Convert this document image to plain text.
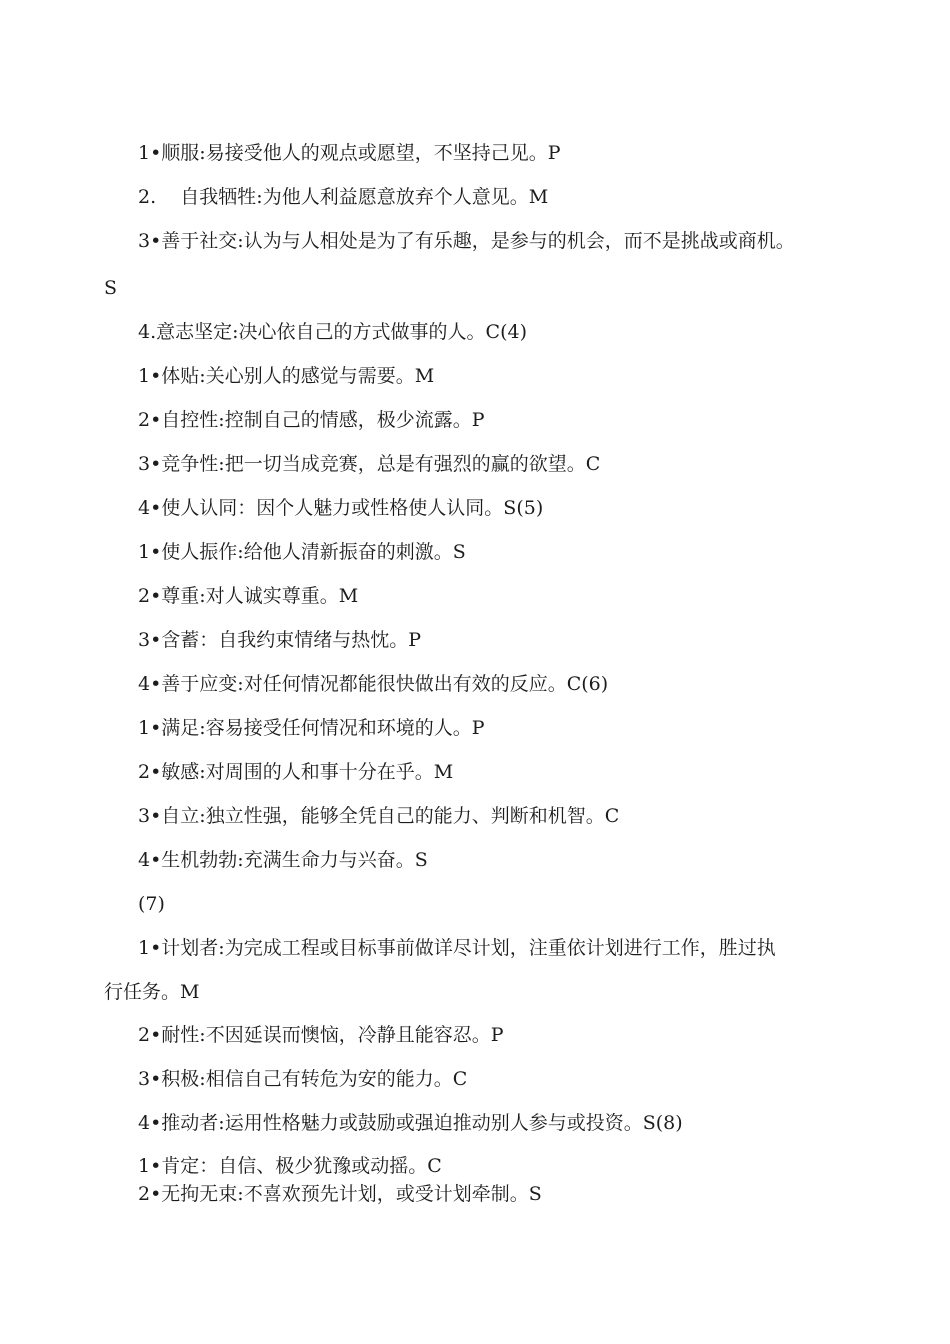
1•顺服:易接受他人的观点或愿望，不坚持己见。P
2.    自我牺牲:为他人利益愿意放弃个人意见。M
3•善于社交:认为与人相处是为了有乐趣，是参与的机会，而不是挑战或商机。
S
4.意志坚定:决心依自己的方式做事的人。C(4)
1•体贴:关心别人的感觉与需要。M
2•自控性:控制自己的情感，极少流露。P
3•竞争性:把一切当成竞赛，总是有强烈的赢的欲望。C
4•使人认同：因个人魅力或性格使人认同。S(5)
1•使人振作:给他人清新振奋的刺激。S
2•尊重:对人诚实尊重。M
3•含蓄：自我约束情绪与热忱。P
4•善于应变:对任何情况都能很快做出有效的反应。C(6)
1•满足:容易接受任何情况和环境的人。P
2•敏感:对周围的人和事十分在乎。M
3•自立:独立性强，能够全凭自己的能力、判断和机智。C
4•生机勃勃:充满生命力与兴奋。S
(7)
1•计划者:为完成工程或目标事前做详尽计划，注重依计划进行工作，胜过执
行任务。M
2•耐性:不因延误而懊恼，冷静且能容忍。P
3•积极:相信自己有转危为安的能力。C
4•推动者:运用性格魅力或鼓励或强迫推动别人参与或投资。S(8)
1•肯定：自信、极少犹豫或动摇。C
2•无拘无束:不喜欢预先计划，或受计划牵制。S
